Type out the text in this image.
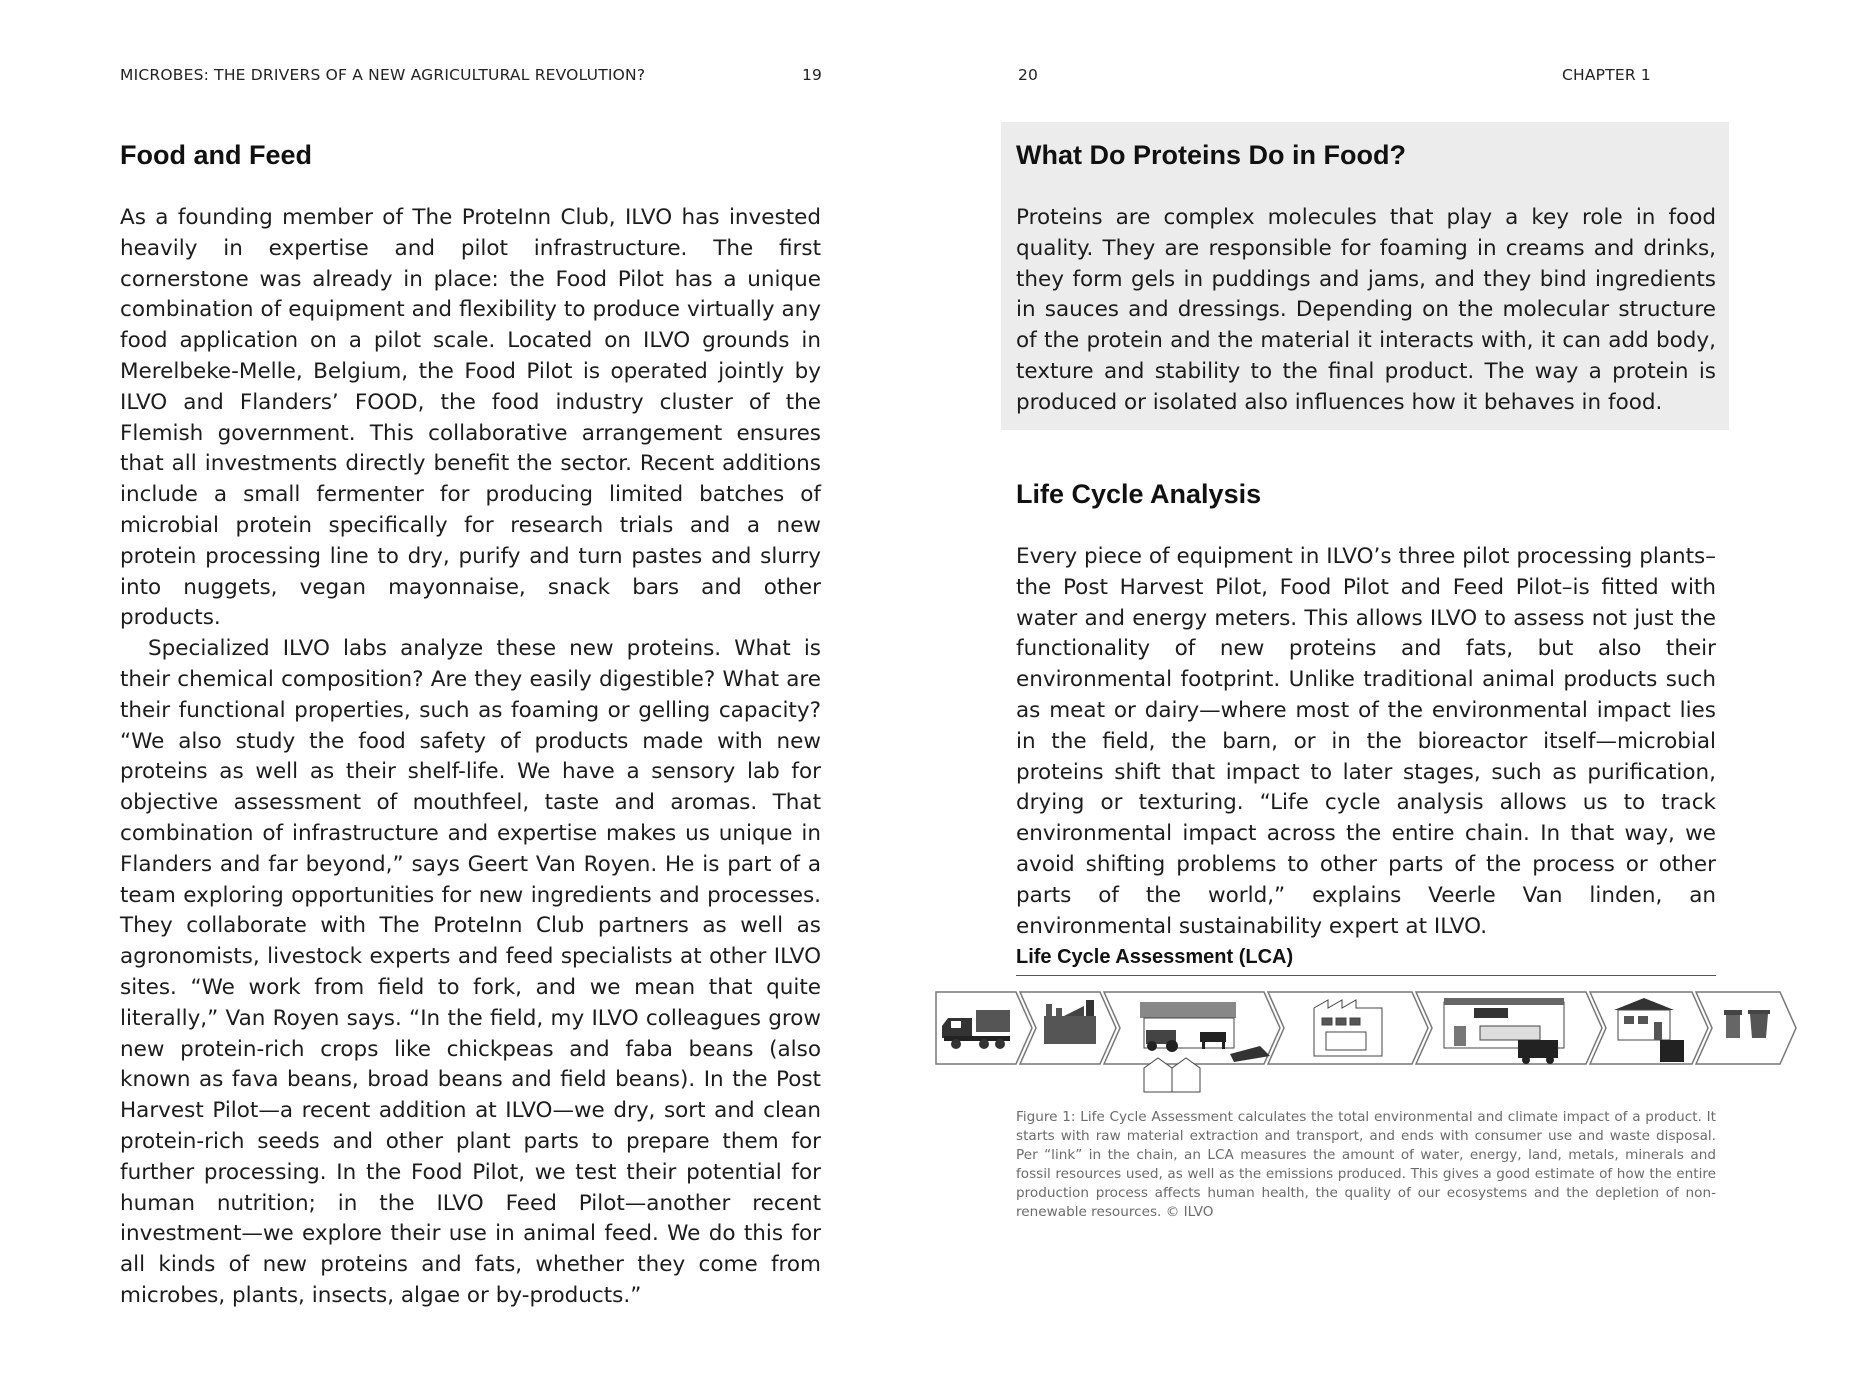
MICROBES: THE DRIVERS OF A NEW AGRICULTURAL REVOLUTION?	19
Food and Feed

As a founding member of The ProteInn Club, ILVO has invested heavily in expertise and pilot infrastructure. The first cornerstone was already in place: the Food Pilot has a unique combination of equipment and flexibility to produce virtually any food application on a pilot scale. Located on ILVO grounds in Merelbeke-Melle, Belgium, the Food Pilot is operated jointly by ILVO and Flanders’ FOOD, the food industry cluster of the Flemish government. This collaborative arrangement ensures that all investments directly benefit the sector. Recent additions include a small fermenter for producing limited batches of microbial protein specifically for research trials and a new protein processing line to dry, purify and turn pastes and slurry into nuggets, vegan mayonnaise, snack bars and other products.

Specialized ILVO labs analyze these new proteins. What is their chemical composition? Are they easily digestible? What are their functional properties, such as foaming or gelling capacity? “We also study the food safety of products made with new proteins as well as their shelf-life. We have a sensory lab for objective assessment of mouthfeel, taste and aromas. That combination of infrastructure and expertise makes us unique in Flanders and far beyond,” says Geert Van Royen. He is part of a team exploring opportunities for new ingredients and processes. They collaborate with The ProteInn Club partners as well as agronomists, livestock experts and feed specialists at other ILVO sites. “We work from field to fork, and we mean that quite literally,” Van Royen says. “In the field, my ILVO colleagues grow new protein-rich crops like chickpeas and faba beans (also known as fava beans, broad beans and field beans). In the Post Harvest Pilot—a recent addition at ILVO—we dry, sort and clean protein-rich seeds and other plant parts to prepare them for further processing. In the Food Pilot, we test their potential for human nutrition; in the ILVO Feed Pilot—another recent investment—we explore their use in animal feed. We do this for all kinds of new proteins and fats, whether they come from microbes, plants, insects, algae or by-products.”

20	CHAPTER 1
What Do Proteins Do in Food?

Proteins are complex molecules that play a key role in food quality. They are responsible for foaming in creams and drinks, they form gels in puddings and jams, and they bind ingredients in sauces and dressings. Depending on the molecular structure of the protein and the material it interacts with, it can add body, texture and stability to the final product. The way a protein is produced or isolated also influences how it behaves in food.

Life Cycle Analysis

Every piece of equipment in ILVO’s three pilot processing plants–the Post Harvest Pilot, Food Pilot and Feed Pilot–is fitted with water and energy meters. This allows ILVO to assess not just the functionality of new proteins and fats, but also their environmental footprint. Unlike traditional animal products such as meat or dairy—where most of the environmental impact lies in the field, the barn, or in the bioreactor itself—microbial proteins shift that impact to later stages, such as purification, drying or texturing. “Life cycle analysis allows us to track environmental impact across the entire chain. In that way, we avoid shifting problems to other parts of the process or other parts of the world,” explains Veerle Van linden, an environmental sustainability expert at ILVO.

Life Cycle Assessment (LCA)
Figure 1: Life Cycle Assessment calculates the total environmental and climate impact of a product. It starts with raw material extraction and transport, and ends with consumer use and waste disposal. Per “link” in the chain, an LCA measures the amount of water, energy, land, metals, minerals and fossil resources used, as well as the emissions produced. This gives a good estimate of how the entire production process affects human health, the quality of our ecosystems and the depletion of non-renewable resources. © ILVO
